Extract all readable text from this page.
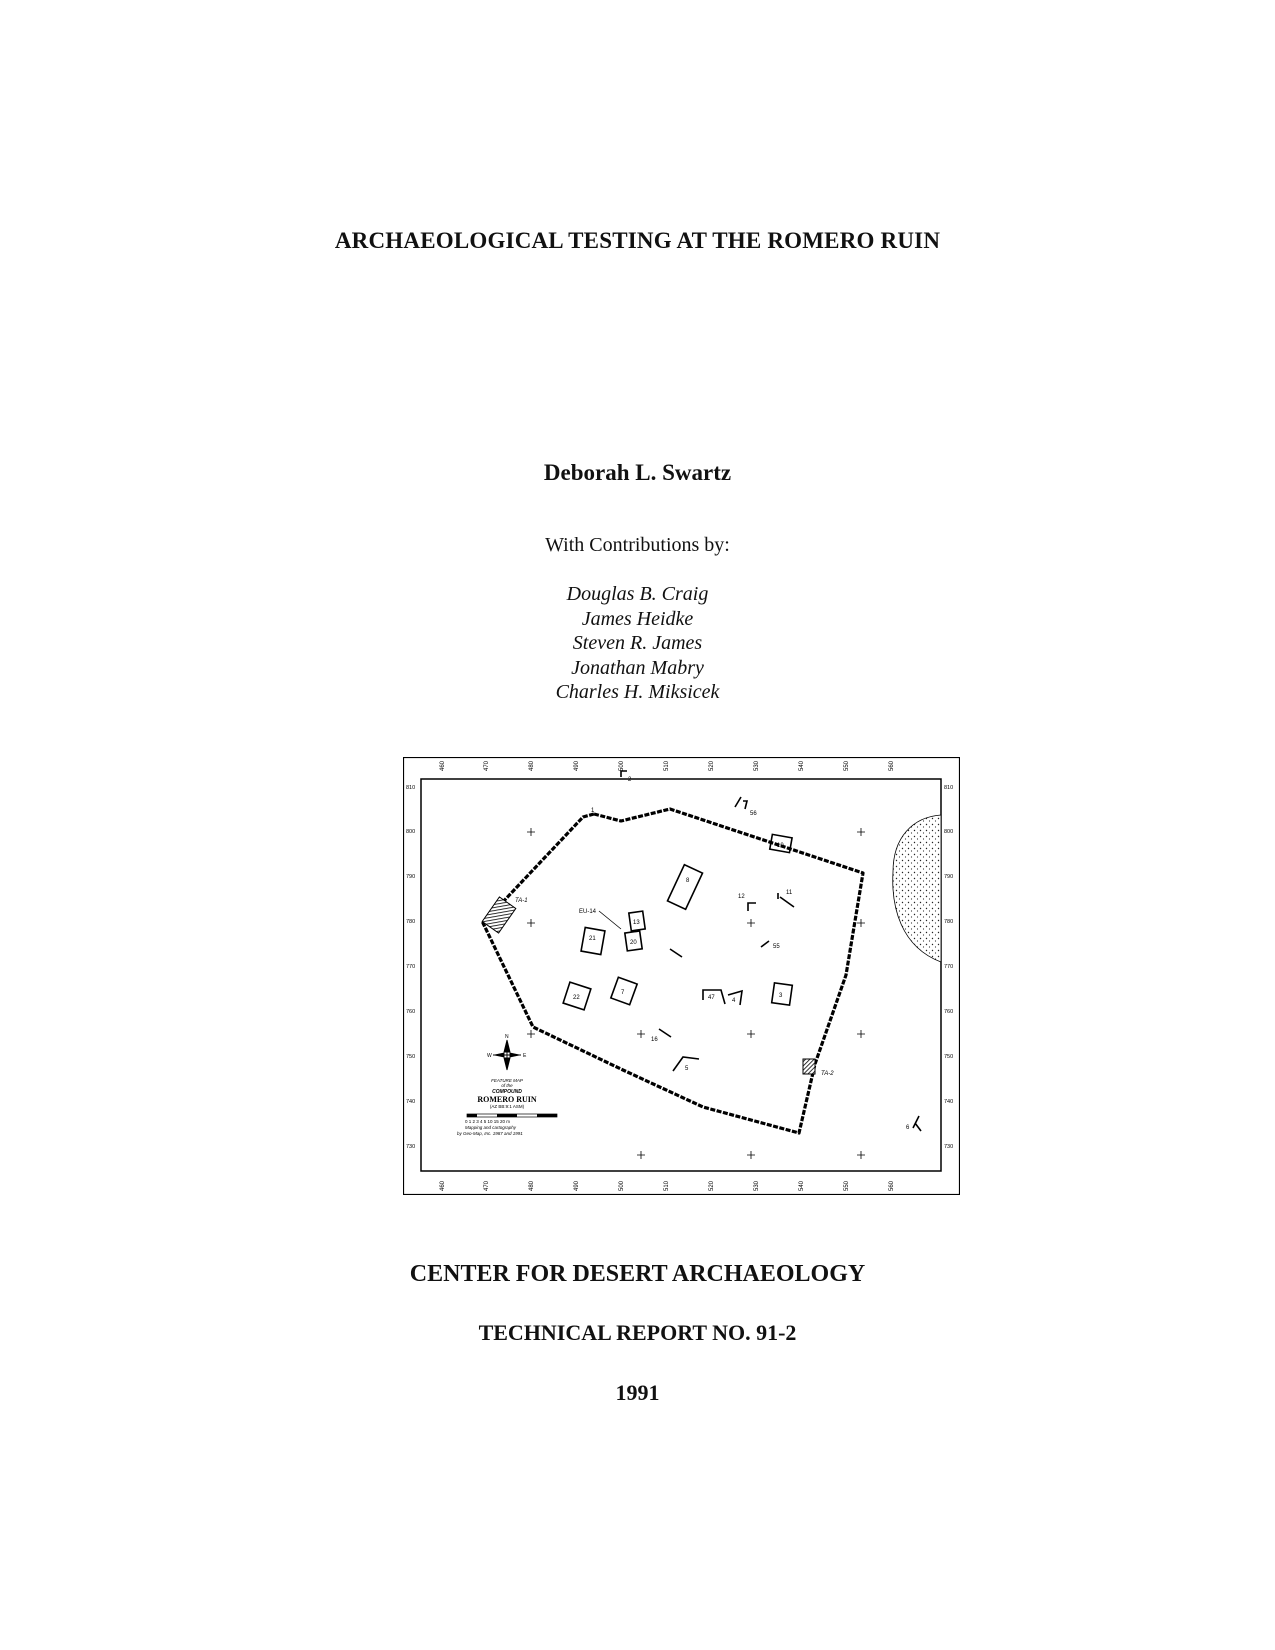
ARCHAEOLOGICAL TESTING AT THE ROMERO RUIN
Deborah L. Swartz
With Contributions by:
Douglas B. Craig
James Heidke
Steven R. James
Jonathan Mabry
Charles H. Miksicek
460	470	480	490	500	510	520	530	540	550	560
460	470	480	490	500	510	520	530	540	550	560
810
800
790
780
770
760
750
740
730
810
800
790
780
770
760
750
740
730
2
1	56
10
8
12
11
55
EU-14
13
20
21
22
7
47	4
3
16
5
6
TA-1
TA-2
N
W	E
FEATURE MAP
of the
COMPOUND
ROMERO RUIN
(AZ BB:9:1 ASM)
0 1 2 3 4 5 10 15 20 m
Mapping and cartography
by Geo-Map, Inc. 1987 and 1991
CENTER FOR DESERT ARCHAEOLOGY
TECHNICAL REPORT NO. 91-2
1991
